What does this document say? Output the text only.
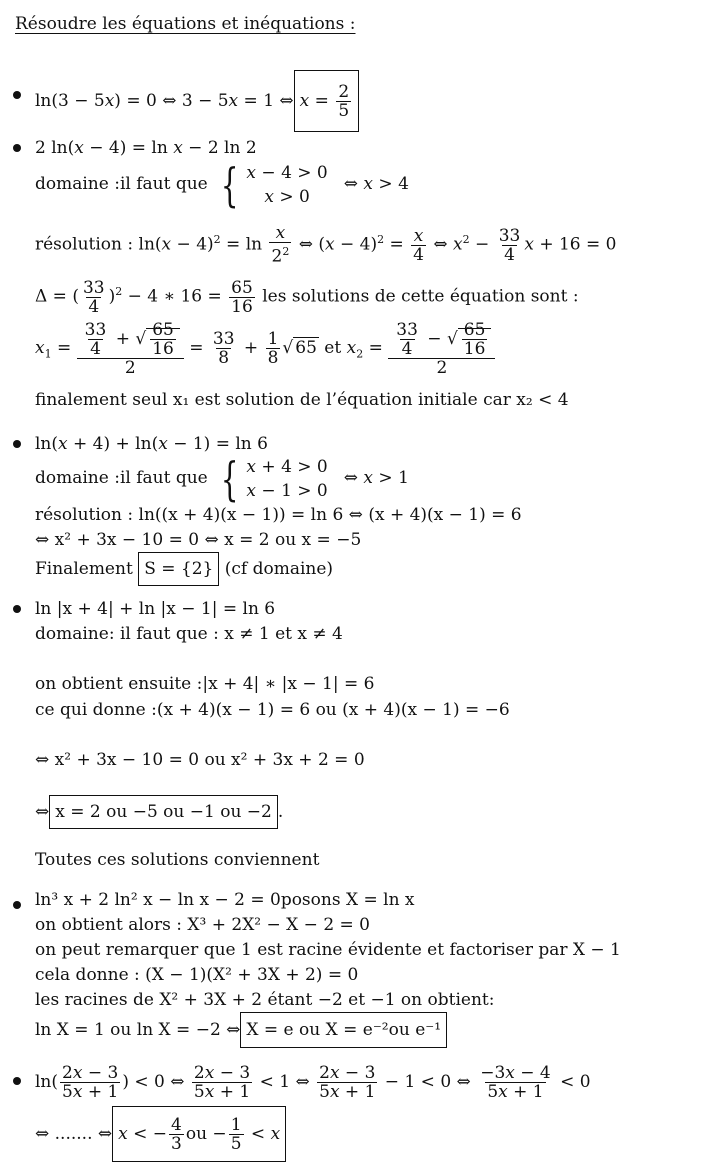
Résoudre les équations et inéquations :
ln(3 − 5x) = 0 ⇔ 3 − 5x = 1 ⇔ x = 2
5
2 ln(x − 4) = ln x − 2 ln 2
domaine :il faut que { x − 4 > 0
x > 0
⇔ x > 4
résolution : $\ln(x - 4)^2 = \ln \frac{x}{2^2}$ ⇔ $(x - 4)^2 = \frac{x}{4}$ ⇔ $x^2 - \frac{33}{4}$ x + 16 = 0
Δ = ( $\frac{33}{4} )^2 - 4$ ∗ $16 = \frac{65}{16}$ les solutions de cette équation sont :
$x_1 = \frac{\frac{33}{4} + √ \frac{65}{16}}{2} = \frac{33}{8} + \frac{1}{8}$ √ 65 et $x_2 = \frac{\frac{33}{4} - √ \frac{65}{16}}{2}$
finalement seul x₁ est solution de l’équation initiale car x₂ < 4
ln(x + 4) + ln(x − 1) = ln 6
domaine :il faut que { x + 4 > 0
x − 1 > 0
⇔ x > 1
résolution : ln((x + 4)(x − 1)) = ln 6 ⇔ (x + 4)(x − 1) = 6
⇔ x² + 3x − 10 = 0 ⇔ x = 2 ou x = −5
Finalement S = {2} (cf domaine)
ln |x + 4| + ln |x − 1| = ln 6
domaine: il faut que : x ≠ 1 et x ≠ 4
on obtient ensuite :|x + 4| ∗ |x − 1| = 6
ce qui donne :(x + 4)(x − 1) = 6 ou (x + 4)(x − 1) = −6
⇔ x² + 3x − 10 = 0 ou x² + 3x + 2 = 0
⇔ x = 2 ou −5 ou −1 ou −2 .
Toutes ces solutions conviennent
ln³ x + 2 ln² x − ln x − 2 = 0posons X = ln x
on obtient alors : X³ + 2X² − X − 2 = 0
on peut remarquer que 1 est racine évidente et factoriser par X − 1
cela donne : (X − 1)(X² + 3X + 2) = 0
les racines de X² + 3X + 2 étant −2 et −1 on obtient:
ln X = 1 ou ln X = −2 ⇔ X = e ou X = e⁻²ou e⁻¹
$\ln( \frac{2x - 3}{5x + 1}$ ) < 0 ⇔ $\frac{2x - 3}{5x + 1} < 1$ ⇔ $\frac{2x - 3}{5x + 1} - 1 < 0$ ⇔ $\frac{-3x - 4}{5x + 1} < 0$
⇔ ....... ⇔ x < − 4
3 ou − 1
5 < x
